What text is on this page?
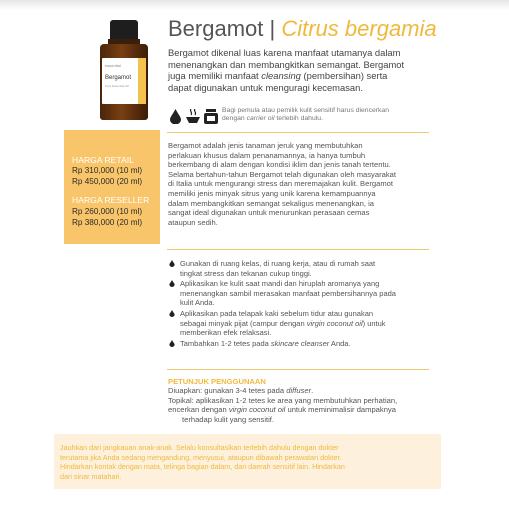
essential
Bergamot
Pure Essential Oil
Bergamot | Citrus bergamia
Bergamot dikenal luas karena manfaat utamanya dalam
menenangkan dan membangkitkan semangat. Bergamot
juga memiliki manfaat cleansing (pembersihan) serta
dapat digunakan untuk menguragi kecemasan.
Bagi pemula atau pemilik kulit sensitif harus diencerkan
dengan carrier oil terlebih dahulu.
HARGA RETAIL
Rp 310,000 (10 ml)
Rp 450,000 (20 ml)
HARGA RESELLER
Rp 260,000 (10 ml)
Rp 380,000 (20 ml)
Bergamot adalah jenis tanaman jeruk yang membutuhkan
perlakuan khusus dalam penanamannya, ia hanya tumbuh
berkembang di alam dengan kondisi iklim dan jenis tanah tertentu.
Selama bertahun-tahun Bergamot telah digunakan oleh masyarakat
di Italia untuk mengurangi stress dan meremajakan kulit. Bergamot
memiliki jenis minyak sitrus yang unik karena kemampuannya
dalam membangkitkan semangat sekaligus menenangkan, ia
sangat ideal digunakan untuk menurunkan perasaan cemas
ataupun sedih.
Gunakan di ruang kelas, di ruang kerja, atau di rumah saat
tingkat stress dan tekanan cukup tinggi.
Aplikasikan ke kulit saat mandi dan hiruplah aromanya yang
menenangkan sambil merasakan manfaat pembersihannya pada
kulit Anda.
Aplikasikan pada telapak kaki sebelum tidur atau gunakan
sebagai minyak pijat (campur dengan virgin coconut oil) untuk
memberikan efek relaksasi.
Tambahkan 1-2 tetes pada skincare cleanser Anda.
PETUNJUK PENGGUNAAN
Diuapkan: gunakan 3-4 tetes pada diffuser.
Topikal: aplikasikan 1-2 tetes ke area yang membutuhkan perhatian,
encerkan dengan virgin coconut oil untuk meminimalisir dampaknya
terhadap kulit yang sensitif.
Jauhkan dari jangkauan anak-anak. Selalu konsultasikan terlebih dahulu dengan dokter
terutama jika Anda sedang mengandung, menyusui, ataupun dibawah perawatan dokter.
Hindarkan kontak dengan mata, telinga bagian dalam, dan daerah sensitif lain. Hindarkan
dari sinar matahari.
